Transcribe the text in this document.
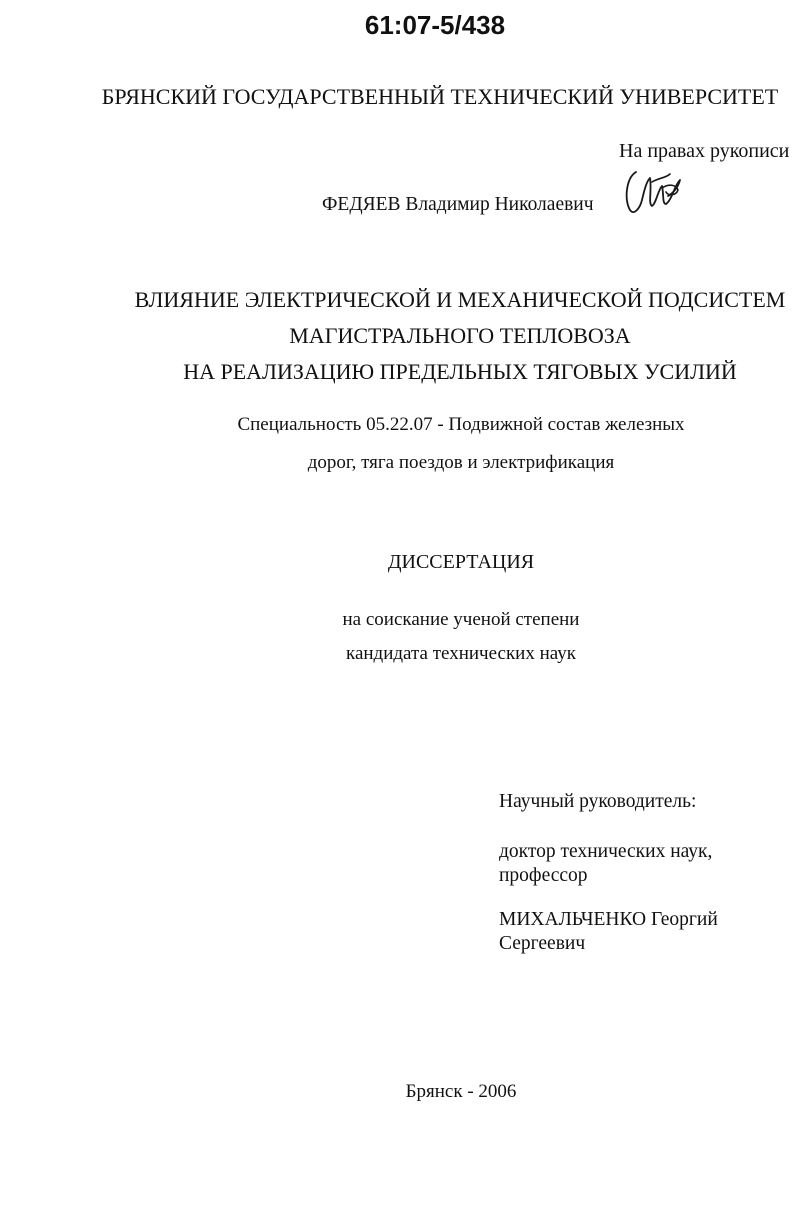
61:07-5/438
БРЯНСКИЙ ГОСУДАРСТВЕННЫЙ ТЕХНИЧЕСКИЙ УНИВЕРСИТЕТ
На правах рукописи
ФЕДЯЕВ Владимир Николаевич
ВЛИЯНИЕ ЭЛЕКТРИЧЕСКОЙ И МЕХАНИЧЕСКОЙ ПОДСИСТЕМ
МАГИСТРАЛЬНОГО ТЕПЛОВОЗА
НА РЕАЛИЗАЦИЮ ПРЕДЕЛЬНЫХ ТЯГОВЫХ УСИЛИЙ
Специальность 05.22.07 - Подвижной состав железных
дорог, тяга поездов и электрификация
ДИССЕРТАЦИЯ
на соискание ученой степени
кандидата технических наук
Научный руководитель:
доктор технических наук,
профессор
МИХАЛЬЧЕНКО Георгий
Сергеевич
Брянск - 2006
